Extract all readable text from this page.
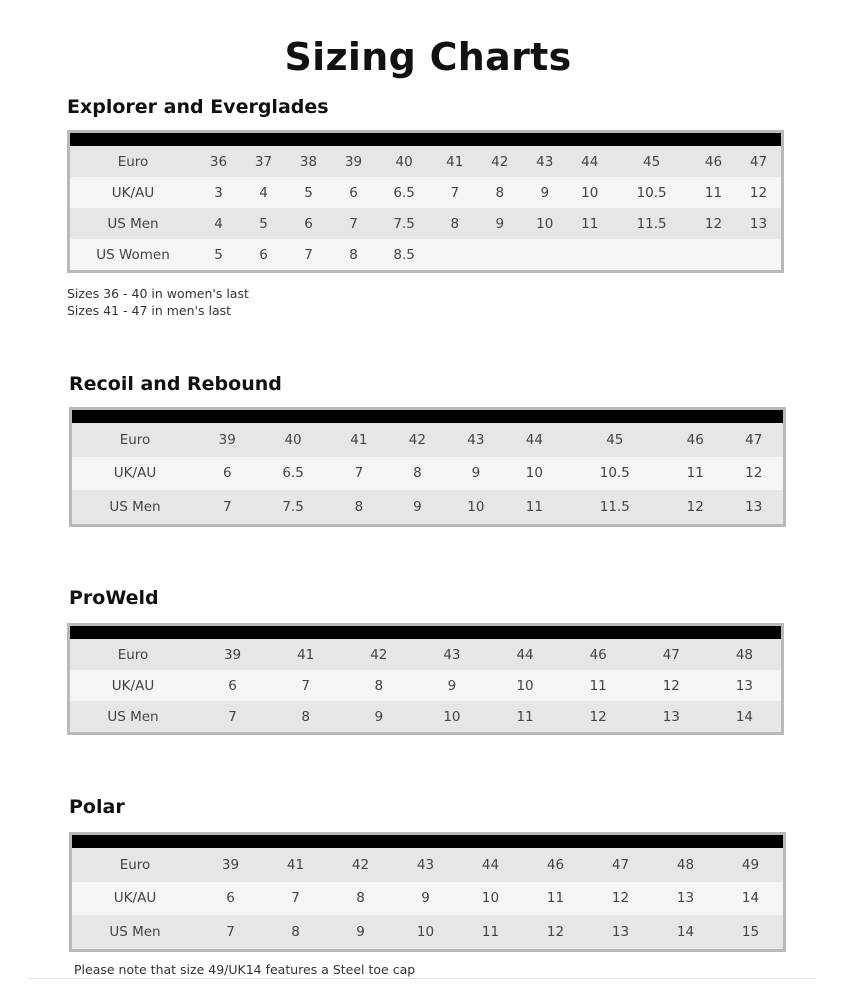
Sizing Charts
Explorer and Everglades
Euro	36	37	38	39	40	41	42	43	44	45	46	47
UK/AU	3	4	5	6	6.5	7	8	9	10	10.5	11	12
US Men	4	5	6	7	7.5	8	9	10	11	11.5	12	13
US Women	5	6	7	8	8.5							
Sizes 36 - 40 in women's last
Sizes 41 - 47 in men's last
Recoil and Rebound
Euro	39	40	41	42	43	44	45	46	47
UK/AU	6	6.5	7	8	9	10	10.5	11	12
US Men	7	7.5	8	9	10	11	11.5	12	13
ProWeld
Euro	39	41	42	43	44	46	47	48
UK/AU	6	7	8	9	10	11	12	13
US Men	7	8	9	10	11	12	13	14
Polar
Euro	39	41	42	43	44	46	47	48	49
UK/AU	6	7	8	9	10	11	12	13	14
US Men	7	8	9	10	11	12	13	14	15
Please note that size 49/UK14 features a Steel toe cap
